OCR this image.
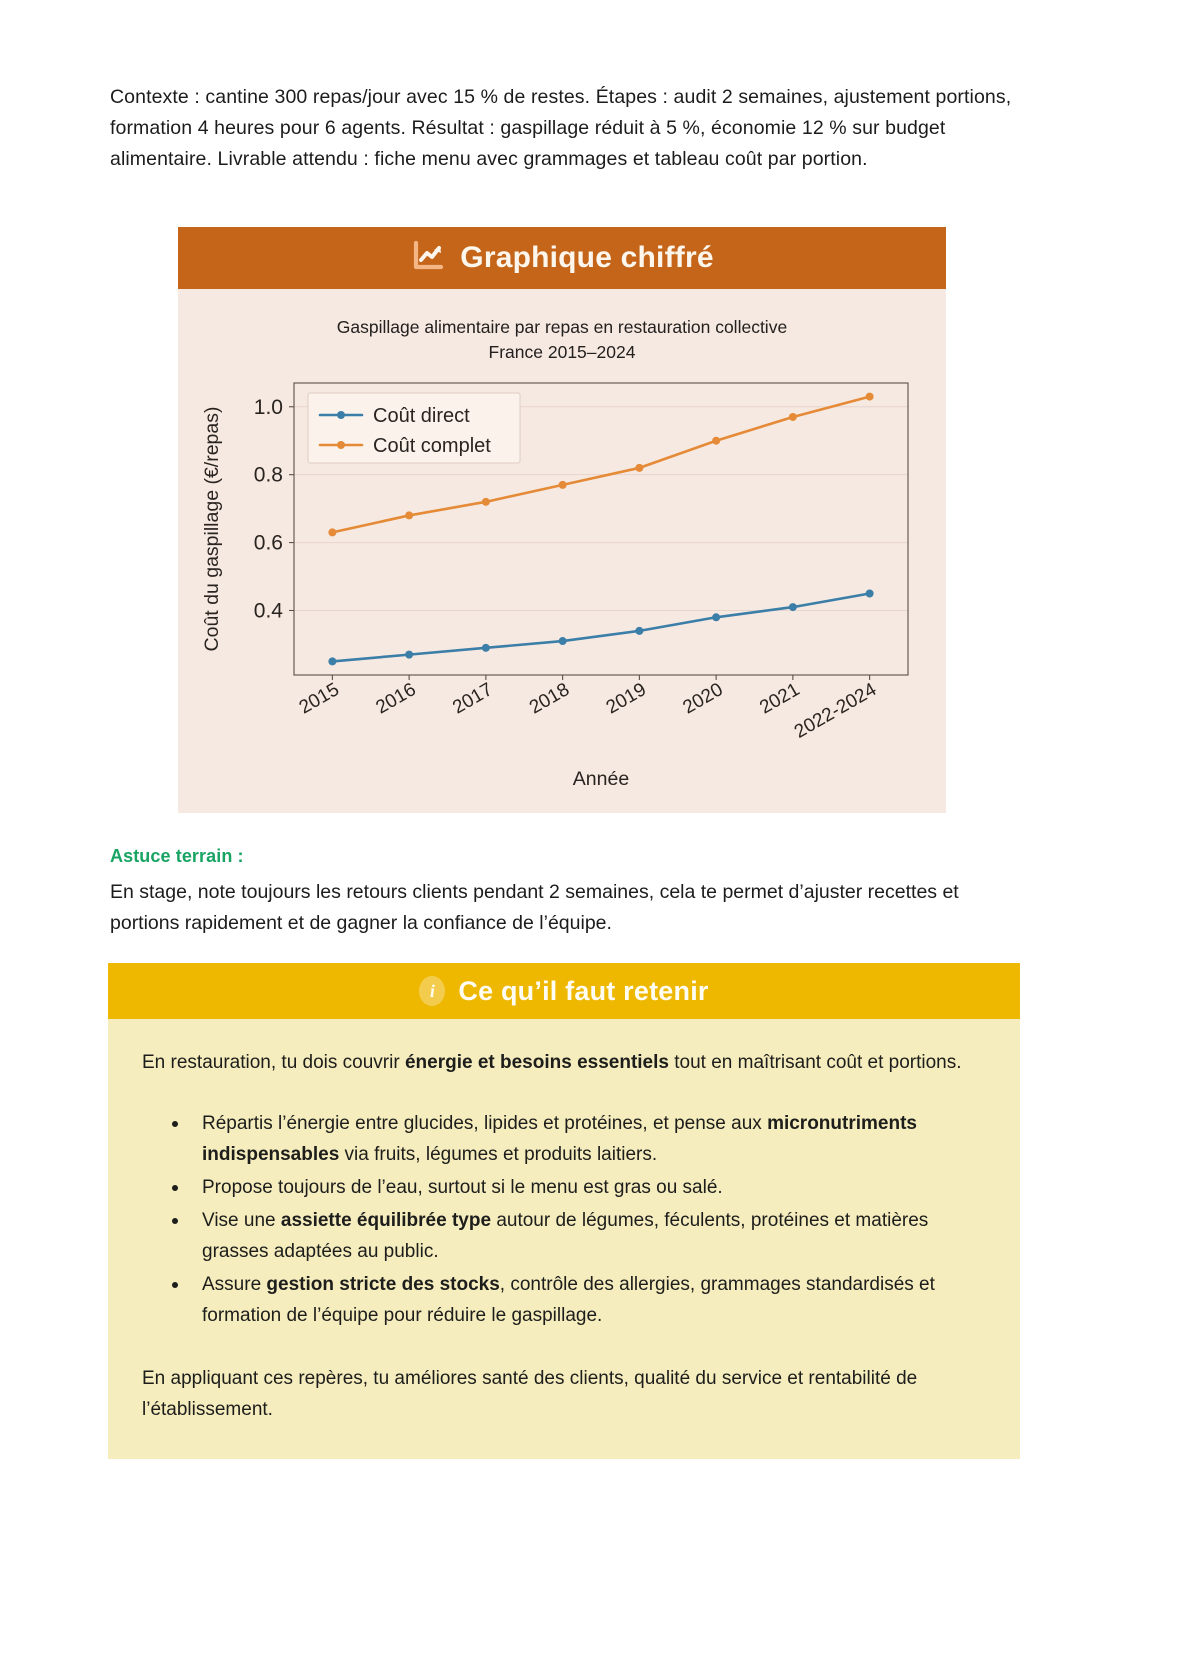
Contexte : cantine 300 repas/jour avec 15 % de restes. Étapes : audit 2 semaines, ajustement portions, formation 4 heures pour 6 agents. Résultat : gaspillage réduit à 5 %, économie 12 % sur budget alimentaire. Livrable attendu : fiche menu avec grammages et tableau coût par portion.
Graphique chiffré
Gaspillage alimentaire par repas en restauration collective
France 2015–2024
0.4
0.6
0.8
1.0
2015 2016 2017 2018 2019 2020 2021
2022-2024
Coût direct
Coût complet
Coût du gaspillage (€/repas)
Année
Astuce terrain :
En stage, note toujours les retours clients pendant 2 semaines, cela te permet d’ajuster recettes et portions rapidement et de gagner la confiance de l’équipe.
i Ce qu’il faut retenir

En restauration, tu dois couvrir énergie et besoins essentiels tout en maîtrisant coût et portions.

Répartis l’énergie entre glucides, lipides et protéines, et pense aux micronutriments indispensables via fruits, légumes et produits laitiers.
Propose toujours de l’eau, surtout si le menu est gras ou salé.
Vise une assiette équilibrée type autour de légumes, féculents, protéines et matières grasses adaptées au public.
Assure gestion stricte des stocks, contrôle des allergies, grammages standardisés et formation de l’équipe pour réduire le gaspillage.

En appliquant ces repères, tu améliores santé des clients, qualité du service et rentabilité de l’établissement.
